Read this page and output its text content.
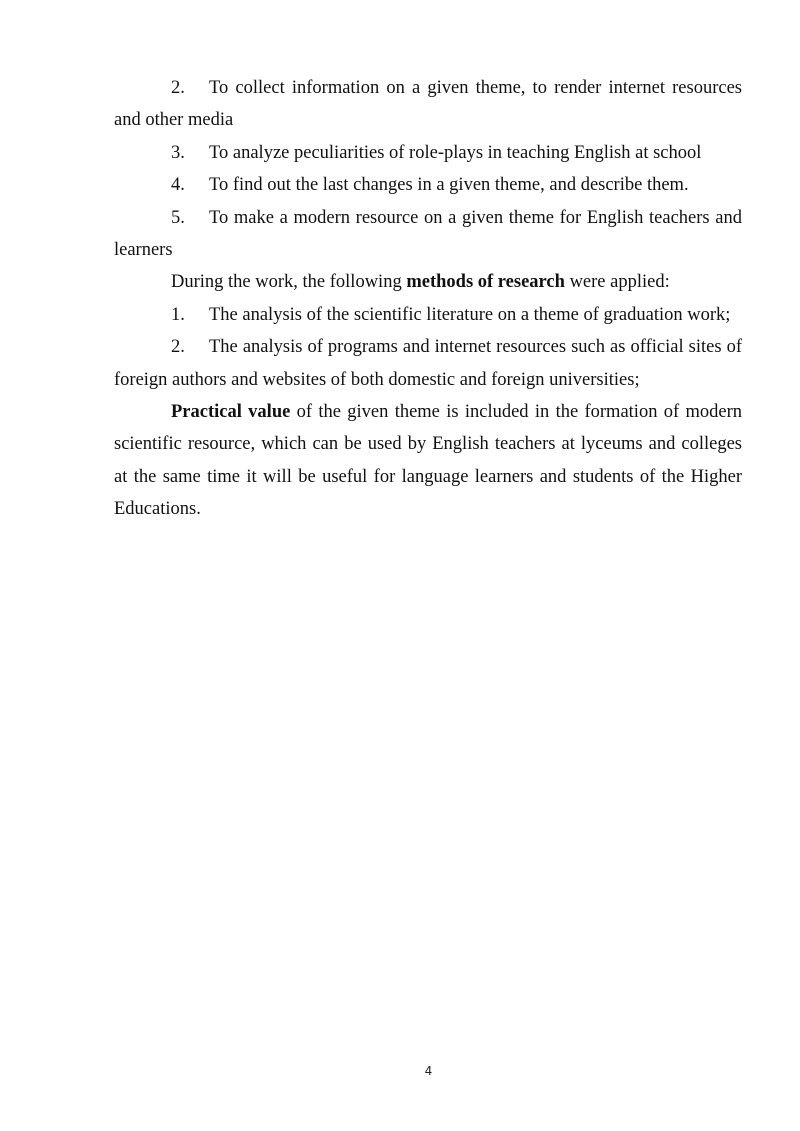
2. To collect information on a given theme, to render internet resources and other media

3. To analyze peculiarities of role-plays in teaching English at school

4. To find out the last changes in a given theme, and describe them.

5. To make a modern resource on a given theme for English teachers and learners

During the work, the following methods of research were applied:

1. The analysis of the scientific literature on a theme of graduation work;

2. The analysis of programs and internet resources such as official sites of foreign authors and websites of both domestic and foreign universities;

Practical value of the given theme is included in the formation of modern scientific resource, which can be used by English teachers at lyceums and colleges at the same time it will be useful for language learners and students of the Higher Educations.

4
